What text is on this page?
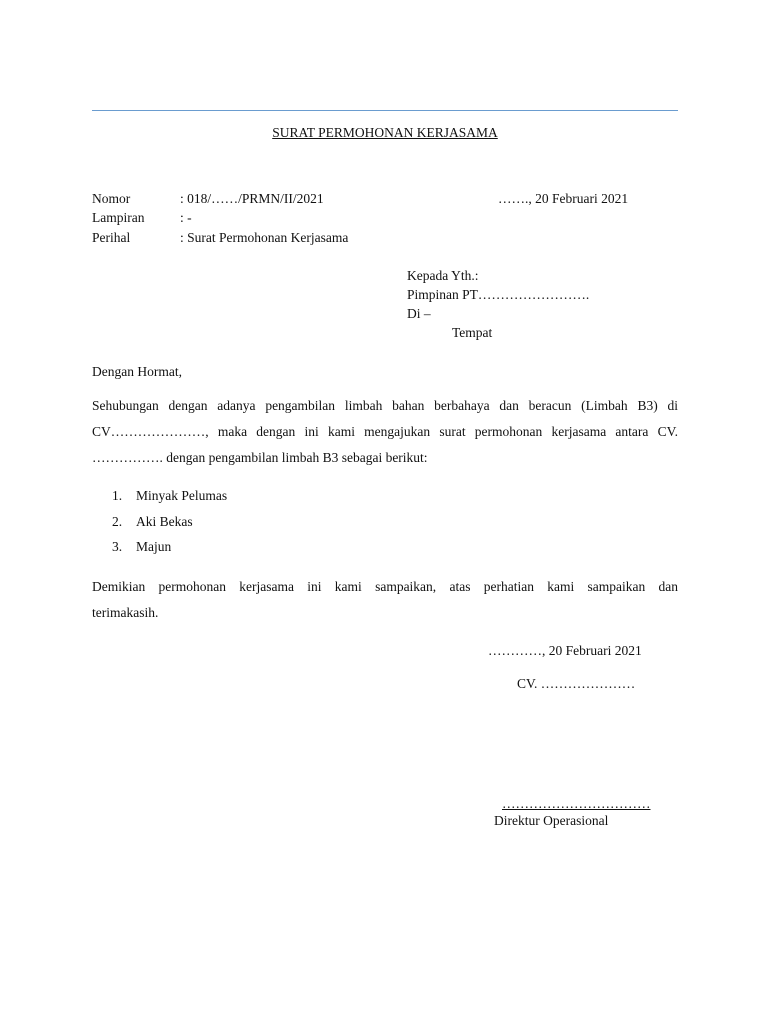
SURAT PERMOHONAN KERJASAMA
Nomor	: 018/……/PRMN/II/2021	……., 20 Februari 2021
Lampiran	: -
Perihal	: Surat Permohonan Kerjasama
Kepada Yth.:
Pimpinan PT…………………….
Di –
Tempat
Dengan Hormat,
Sehubungan dengan adanya pengambilan limbah bahan berbahaya dan beracun (Limbah B3) di
CV…………………, maka dengan ini kami mengajukan surat permohonan kerjasama antara CV.
……………. dengan pengambilan limbah B3 sebagai berikut:
1. Minyak Pelumas
2. Aki Bekas
3. Majun
Demikian permohonan kerjasama ini kami sampaikan, atas perhatian kami sampaikan dan
terimakasih.
…………, 20 Februari 2021
CV. …………………
……………………………
Direktur Operasional
